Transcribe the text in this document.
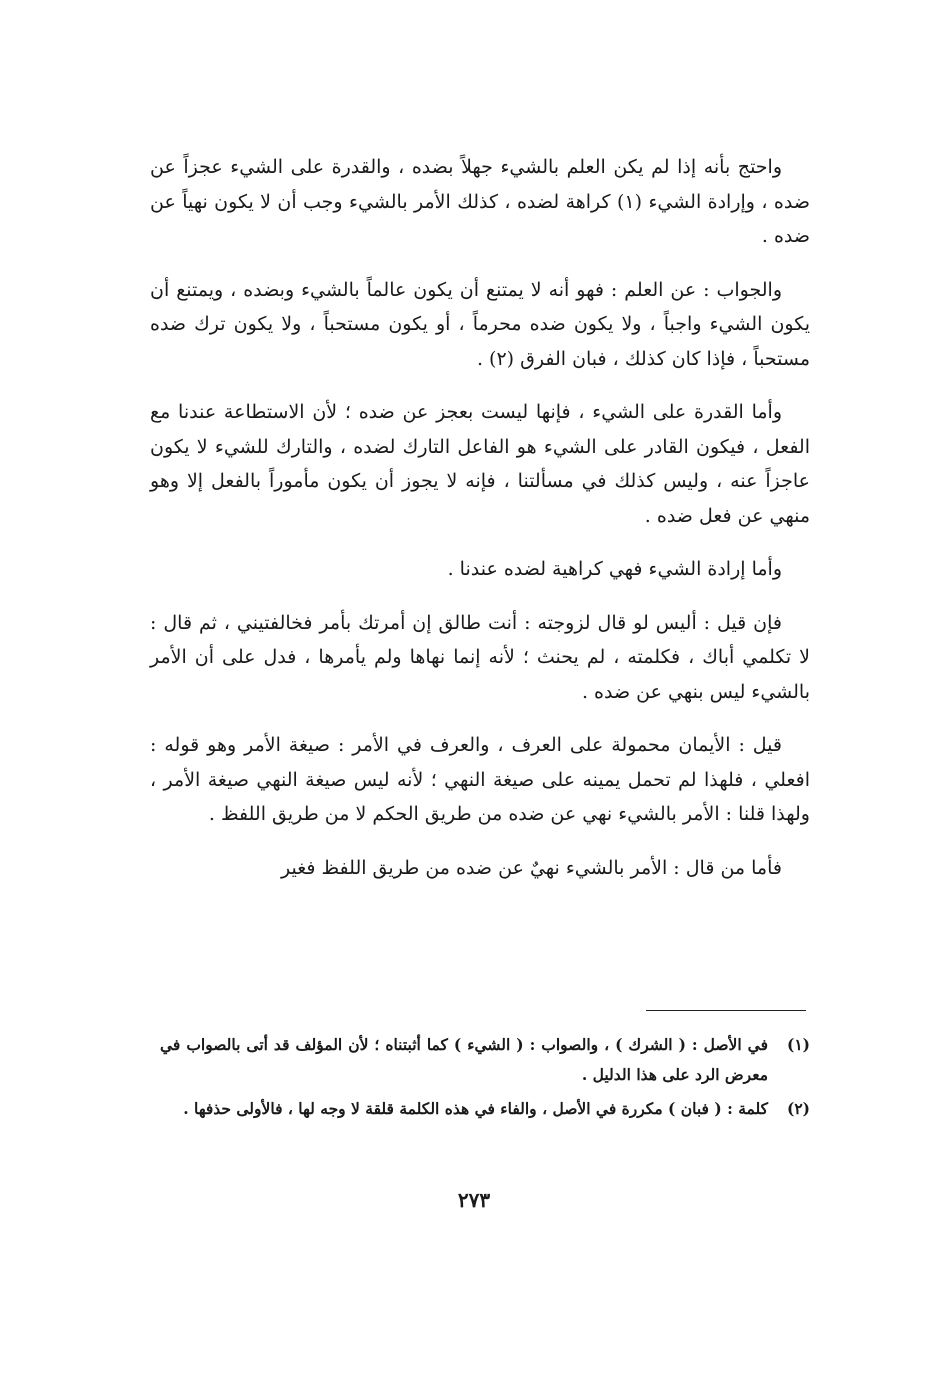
واحتج بأنه إذا لم يكن العلم بالشيء جهلاً بضده ، والقدرة على الشيء عجزاً عن ضده ، وإرادة الشيء (١) كراهة لضده ، كذلك الأمر بالشيء وجب أن لا يكون نهياً عن ضده .

والجواب : عن العلم : فهو أنه لا يمتنع أن يكون عالماً بالشيء وبضده ، ويمتنع أن يكون الشيء واجباً ، ولا يكون ضده محرماً ، أو يكون مستحباً ، ولا يكون ترك ضده مستحباً ، فإذا كان كذلك ، فبان الفرق (٢) .

وأما القدرة على الشيء ، فإنها ليست بعجز عن ضده ؛ لأن الاستطاعة عندنا مع الفعل ، فيكون القادر على الشيء هو الفاعل التارك لضده ، والتارك للشيء لا يكون عاجزاً عنه ، وليس كذلك في مسألتنا ، فإنه لا يجوز أن يكون مأموراً بالفعل إلا وهو منهي عن فعل ضده .

وأما إرادة الشيء فهي كراهية لضده عندنا .

فإن قيل : أليس لو قال لزوجته : أنت طالق إن أمرتك بأمر فخالفتيني ، ثم قال : لا تكلمي أباك ، فكلمته ، لم يحنث ؛ لأنه إنما نهاها ولم يأمرها ، فدل على أن الأمر بالشيء ليس بنهي عن ضده .

قيل : الأيمان محمولة على العرف ، والعرف في الأمر : صيغة الأمر وهو قوله : افعلي ، فلهذا لم تحمل يمينه على صيغة النهي ؛ لأنه ليس صيغة النهي صيغة الأمر ، ولهذا قلنا : الأمر بالشيء نهي عن ضده من طريق الحكم لا من طريق اللفظ .

فأما من قال : الأمر بالشيء نهيٌ عن ضده من طريق اللفظ فغير

(١)
في الأصل : ( الشرك ) ، والصواب : ( الشيء ) كما أثبتناه ؛ لأن المؤلف قد أتى بالصواب في معرض الرد على هذا الدليل .
(٢)
كلمة : ( فبان ) مكررة في الأصل ، والفاء في هذه الكلمة قلقة لا وجه لها ، فالأولى حذفها .
٢٧٣
